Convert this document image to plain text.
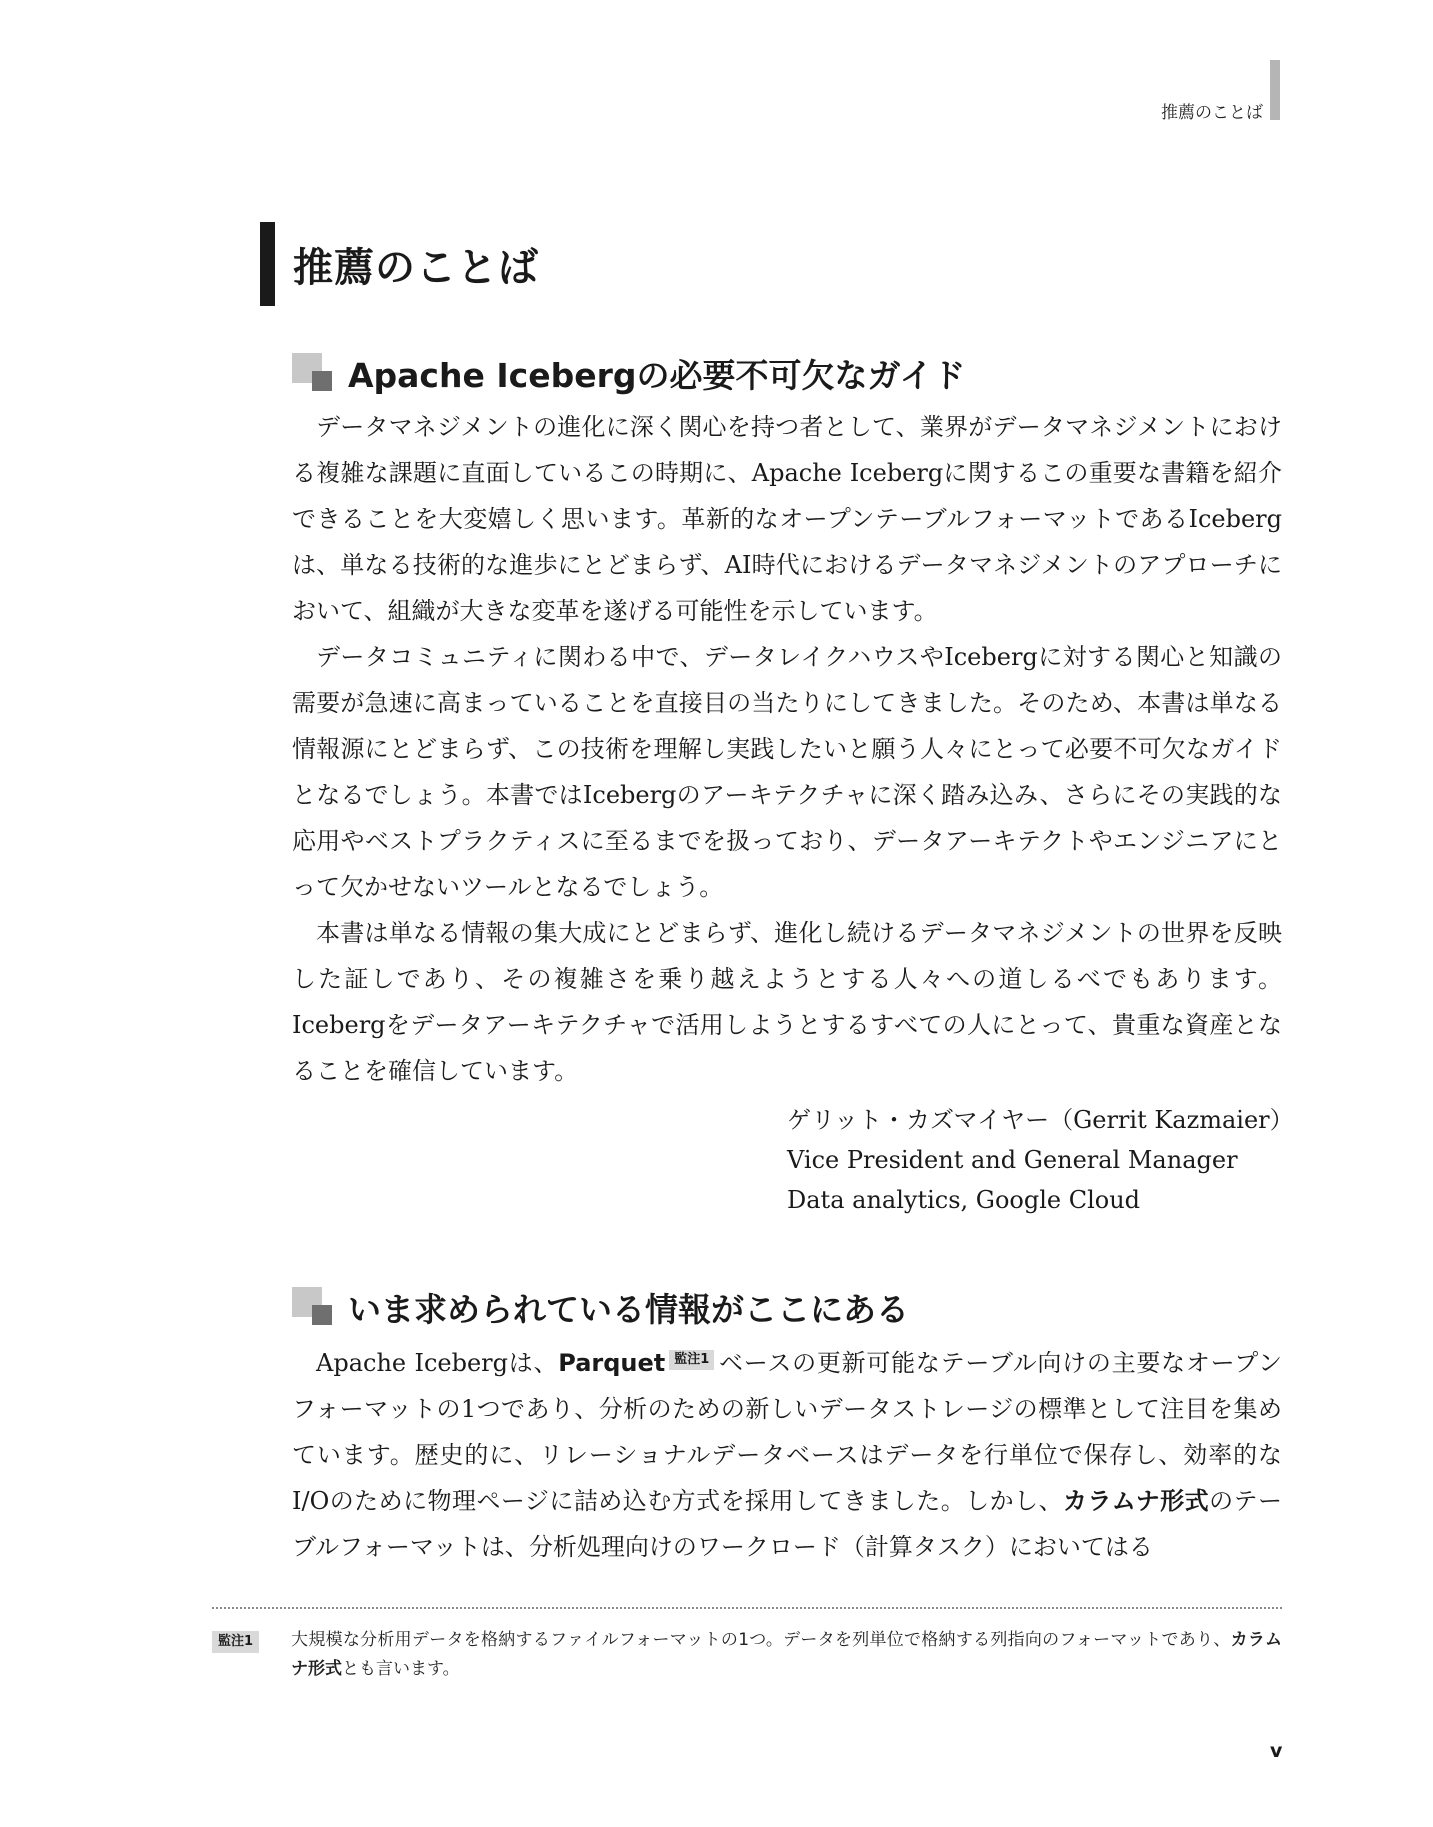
推薦のことば
推薦のことば
Apache Icebergの必要不可欠なガイド

データマネジメントの進化に深く関心を持つ者として、業界がデータマネジメントにおける複雑な課題に直面しているこの時期に、Apache Icebergに関するこの重要な書籍を紹介できることを大変嬉しく思います。革新的なオープンテーブルフォーマットであるIcebergは、単なる技術的な進歩にとどまらず、AI時代におけるデータマネジメントのアプローチにおいて、組織が大きな変革を遂げる可能性を示しています。

データコミュニティに関わる中で、データレイクハウスやIcebergに対する関心と知識の需要が急速に高まっていることを直接目の当たりにしてきました。そのため、本書は単なる情報源にとどまらず、この技術を理解し実践したいと願う人々にとって必要不可欠なガイドとなるでしょう。本書ではIcebergのアーキテクチャに深く踏み込み、さらにその実践的な応用やベストプラクティスに至るまでを扱っており、データアーキテクトやエンジニアにとって欠かせないツールとなるでしょう。

本書は単なる情報の集大成にとどまらず、進化し続けるデータマネジメントの世界を反映した証しであり、その複雑さを乗り越えようとする人々への道しるべでもあります。Icebergをデータアーキテクチャで活用しようとするすべての人にとって、貴重な資産となることを確信しています。

ゲリット・カズマイヤー（Gerrit Kazmaier）
Vice President and General Manager
Data analytics, Google Cloud
いま求められている情報がここにある

Apache Icebergは、Parquet 監注1 ベースの更新可能なテーブル向けの主要なオープンフォーマットの1つであり、分析のための新しいデータストレージの標準として注目を集めています。歴史的に、リレーショナルデータベースはデータを行単位で保存し、効率的なI/Oのために物理ページに詰め込む方式を採用してきました。しかし、カラムナ形式のテーブルフォーマットは、分析処理向けのワークロード（計算タスク）においてはる

監注1	大規模な分析用データを格納するファイルフォーマットの1つ。データを列単位で格納する列指向のフォーマットであり、カラムナ形式とも言います。
v
